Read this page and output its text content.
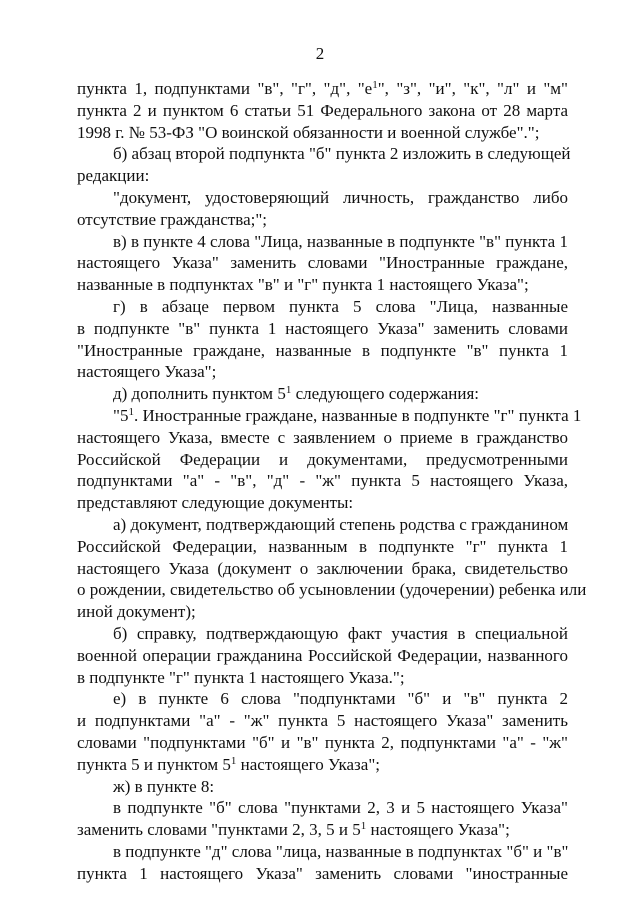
2
пункта 1, подпунктами "в", "г", "д", "$е^1$", "з", "и", "к", "л" и "м"
пункта 2 и пунктом 6 статьи 51 Федерального закона от 28 марта
1998 г. № 53-ФЗ "О воинской обязанности и военной службе".";
б) абзац второй подпункта "б" пункта 2 изложить в следующей
редакции:
"документ, удостоверяющий личность, гражданство либо
отсутствие гражданства;";
в) в пункте 4 слова "Лица, названные в подпункте "в" пункта 1
настоящего Указа" заменить словами "Иностранные граждане,
названные в подпунктах "в" и "г" пункта 1 настоящего Указа";
г) в абзаце первом пункта 5 слова "Лица, названные
в подпункте "в" пункта 1 настоящего Указа" заменить словами
"Иностранные граждане, названные в подпункте "в" пункта 1
настоящего Указа";
д) дополнить пунктом $5^1$ следующего содержания:
"$5^1$. Иностранные граждане, названные в подпункте "г" пункта 1
настоящего Указа, вместе с заявлением о приеме в гражданство
Российской Федерации и документами, предусмотренными
подпунктами "а" - "в", "д" - "ж" пункта 5 настоящего Указа,
представляют следующие документы:
а) документ, подтверждающий степень родства с гражданином
Российской Федерации, названным в подпункте "г" пункта 1
настоящего Указа (документ о заключении брака, свидетельство
о рождении, свидетельство об усыновлении (удочерении) ребенка или
иной документ);
б) справку, подтверждающую факт участия в специальной
военной операции гражданина Российской Федерации, названного
в подпункте "г" пункта 1 настоящего Указа.";
е) в пункте 6 слова "подпунктами "б" и "в" пункта 2
и подпунктами "а" - "ж" пункта 5 настоящего Указа" заменить
словами "подпунктами "б" и "в" пункта 2, подпунктами "а" - "ж"
пункта 5 и пунктом $5^1$ настоящего Указа";
ж) в пункте 8:
в подпункте "б" слова "пунктами 2, 3 и 5 настоящего Указа"
заменить словами "пунктами 2, 3, 5 и $5^1$ настоящего Указа";
в подпункте "д" слова "лица, названные в подпунктах "б" и "в"
пункта 1 настоящего Указа" заменить словами "иностранные
